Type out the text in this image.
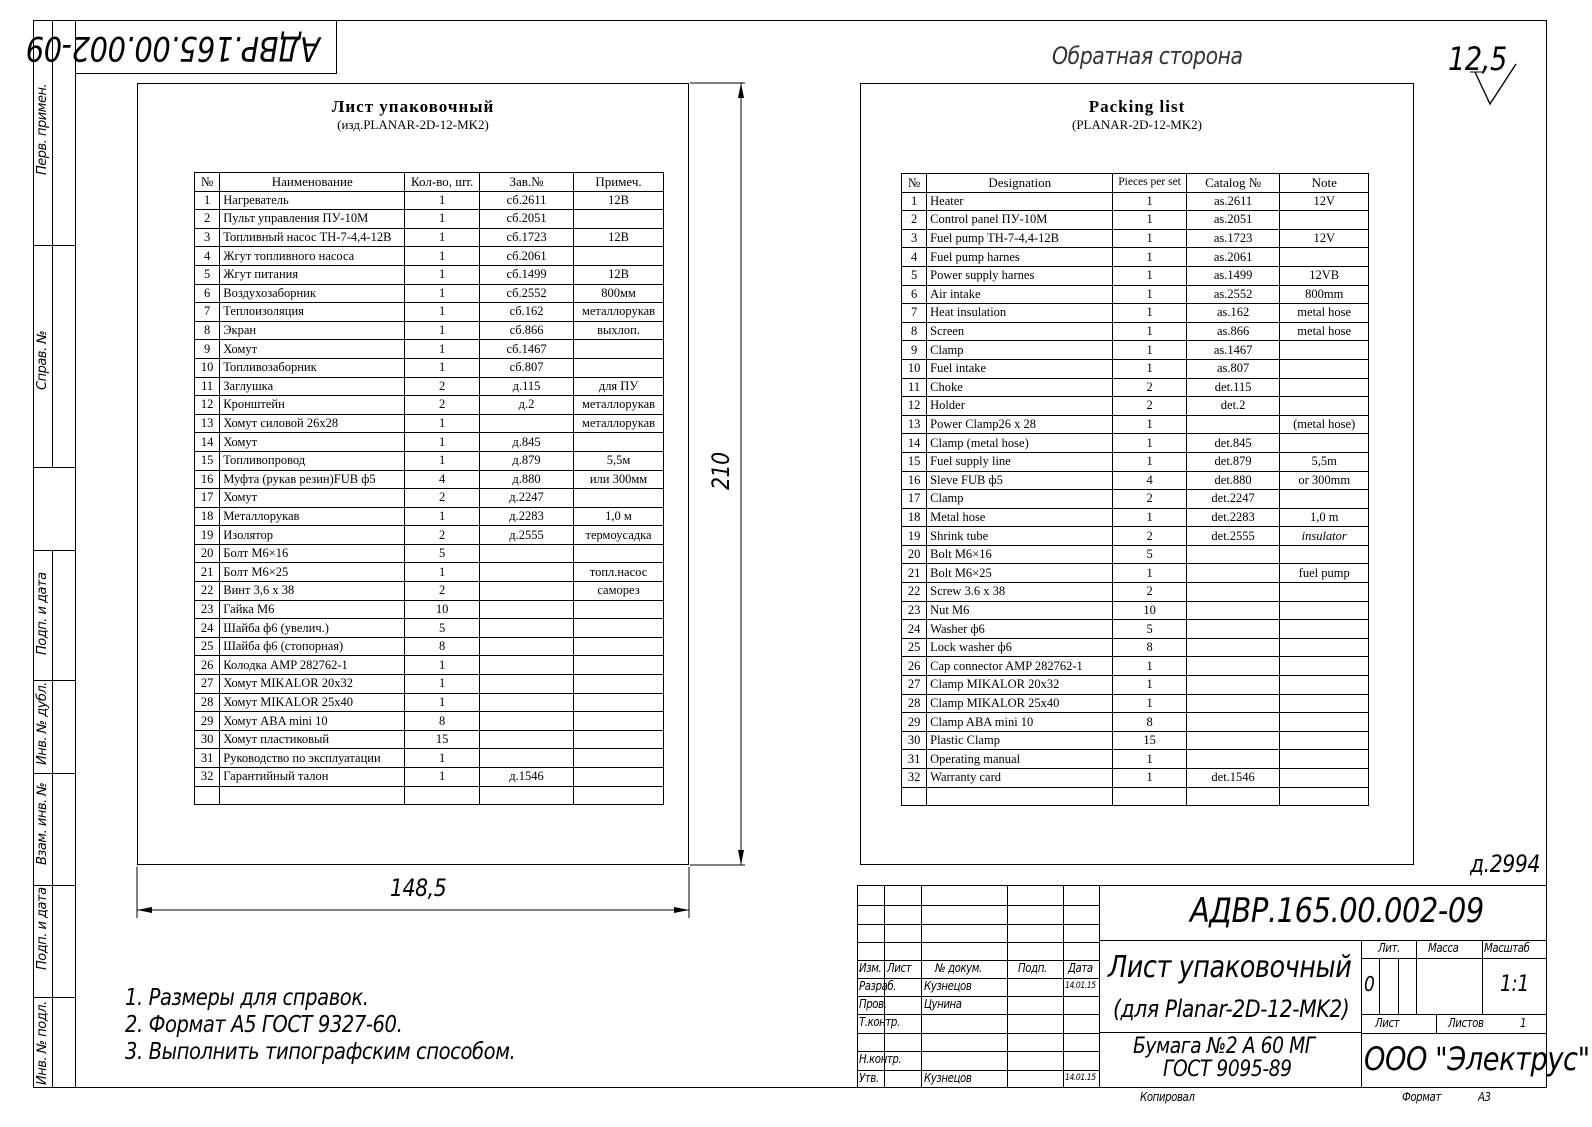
Перв. примен.
Справ. №
Подп. и дата
Инв. № дубл.
Взам. инв. №
Подп. и дата
Инв. № подл.
АДВР.165.00.002-09	Обратная сторона	12,5
Лист упаковочный
(изд.PLANAR-2D-12-MK2)
№	Наименование	Кол-во, шт.	Зав.№	Примеч.
1	Нагреватель	1	сб.2611	12В
2	Пульт управления ПУ-10М	1	сб.2051	
3	Топливный насос ТН-7-4,4-12В	1	сб.1723	12В
4	Жгут топливного насоса	1	сб.2061	
5	Жгут питания	1	сб.1499	12В
6	Воздухозаборник	1	сб.2552	800мм
7	Теплоизоляция	1	сб.162	металлорукав
8	Экран	1	сб.866	выхлоп.
9	Хомут	1	сб.1467	
10	Топливозаборник	1	сб.807	
11	Заглушка	2	д.115	для ПУ
12	Кронштейн	2	д.2	металлорукав
13	Хомут силовой 26х28	1		металлорукав
14	Хомут	1	д.845	
15	Топливопровод	1	д.879	5,5м
16	Муфта (рукав резин)FUB ф5	4	д.880	или 300мм
17	Хомут	2	д.2247	
18	Металлорукав	1	д.2283	1,0 м
19	Изолятор	2	д.2555	термоусадка
20	Болт М6×16	5		
21	Болт М6×25	1		топл.насос
22	Винт 3,6 х 38	2		саморез
23	Гайка М6	10		
24	Шайба ф6 (увелич.)	5		
25	Шайба ф6 (стопорная)	8		
26	Колодка AMP 282762-1	1		
27	Хомут MIKALOR 20x32	1		
28	Хомут MIKALOR 25x40	1		
29	Хомут ABA mini 10	8		
30	Хомут пластиковый	15		
31	Руководство по эксплуатации	1		
32	Гарантийный талон	1	д.1546	

148,5
210
Packing list
(PLANAR-2D-12-MK2)
№	Designation	Pieces per set	Catalog №	Note
1	Heater	1	as.2611	12V
2	Control panel ПУ-10М	1	as.2051	
3	Fuel pump ТН-7-4,4-12В	1	as.1723	12V
4	Fuel pump harnes	1	as.2061	
5	Power supply harnes	1	as.1499	12VB
6	Air intake	1	as.2552	800mm
7	Heat insulation	1	as.162	metal hose
8	Screen	1	as.866	metal hose
9	Clamp	1	as.1467	
10	Fuel intake	1	as.807	
11	Choke	2	det.115	
12	Holder	2	det.2	
13	Power Clamp26 x 28	1		(metal hose)
14	Clamp (metal hose)	1	det.845	
15	Fuel supply line	1	det.879	5,5m
16	Sleve FUB ф5	4	det.880	or 300mm
17	Clamp	2	det.2247	
18	Metal hose	1	det.2283	1,0 m
19	Shrink tube	2	det.2555	insulator
20	Bolt M6×16	5		
21	Bolt M6×25	1		fuel pump
22	Screw 3.6 x 38	2		
23	Nut M6	10		
24	Washer ф6	5		
25	Lock washer ф6	8		
26	Cap connector AMP 282762-1	1		
27	Clamp MIKALOR 20x32	1		
28	Clamp MIKALOR 25x40	1		
29	Clamp ABA mini 10	8		
30	Plastic Clamp	15		
31	Operating manual	1		
32	Warranty card	1	det.1546	

д.2994
1. Размеры для справок.
2. Формат А5 ГОСТ 9327-60.
3. Выполнить типографским способом.
Изм. Лист № докум.	Подп. Дата
Разраб. Кузнецов	14.01.15
Пров.	Цунина
Т.контр.
Н.контр.
Утв.	Кузнецов	14.01.15
АДВР.165.00.002-09
Лист упаковочный
(для Planar-2D-12-MK2)
Бумага №2 А 60 МГ
ГОСТ 9095-89
Лит. Масса Масштаб
0	1:1
Лист	Листов	1
ООО "Электрус"
Копировал	Формат	А3
